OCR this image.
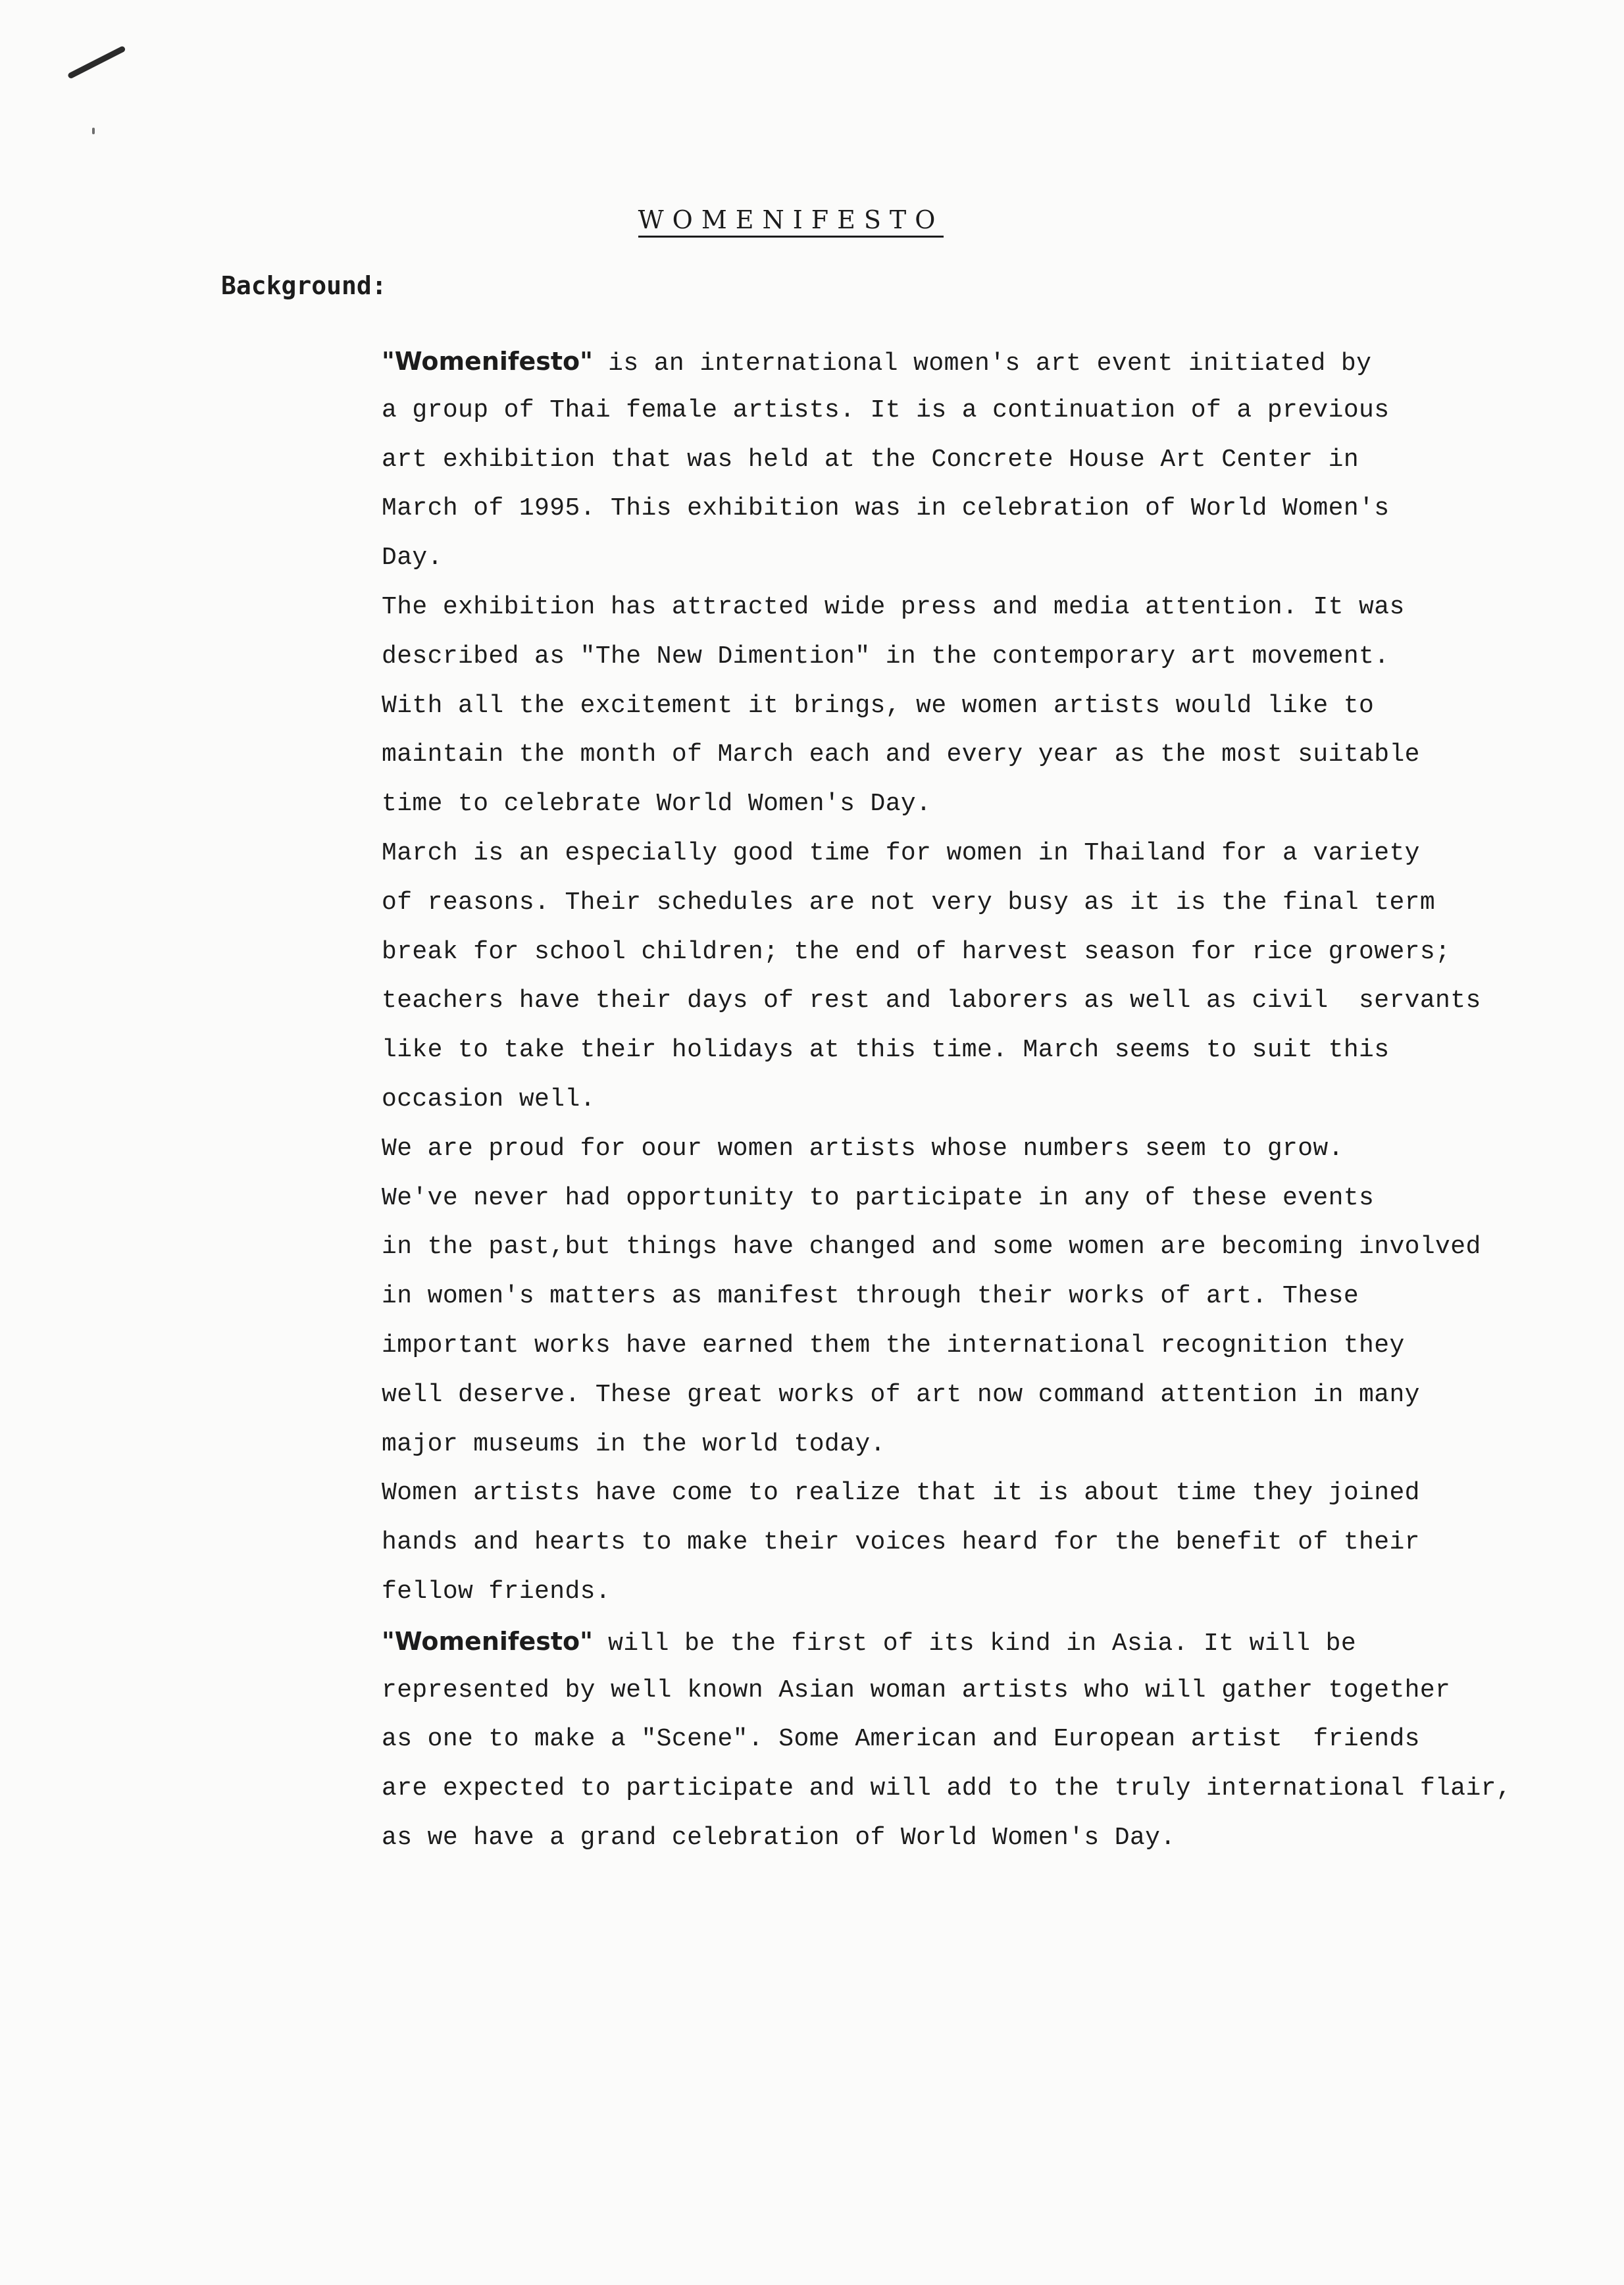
WOMENIFESTO
Background:
"Womenifesto" is an international women's art event initiated by
a group of Thai female artists. It is a continuation of a previous
art exhibition that was held at the Concrete House Art Center in
March of 1995. This exhibition was in celebration of World Women's
Day.
The exhibition has attracted wide press and media attention. It was
described as "The New Dimention" in the contemporary art movement.
With all the excitement it brings, we women artists would like to
maintain the month of March each and every year as the most suitable
time to celebrate World Women's Day.
March is an especially good time for women in Thailand for a variety
of reasons. Their schedules are not very busy as it is the final term
break for school children; the end of harvest season for rice growers;
teachers have their days of rest and laborers as well as civil  servants
like to take their holidays at this time. March seems to suit this
occasion well.
We are proud for oour women artists whose numbers seem to grow.
We've never had opportunity to participate in any of these events
in the past,but things have changed and some women are becoming involved
in women's matters as manifest through their works of art. These
important works have earned them the international recognition they
well deserve. These great works of art now command attention in many
major museums in the world today.
Women artists have come to realize that it is about time they joined
hands and hearts to make their voices heard for the benefit of their
fellow friends.
"Womenifesto" will be the first of its kind in Asia. It will be
represented by well known Asian woman artists who will gather together
as one to make a "Scene". Some American and European artist  friends
are expected to participate and will add to the truly international flair,
as we have a grand celebration of World Women's Day.
